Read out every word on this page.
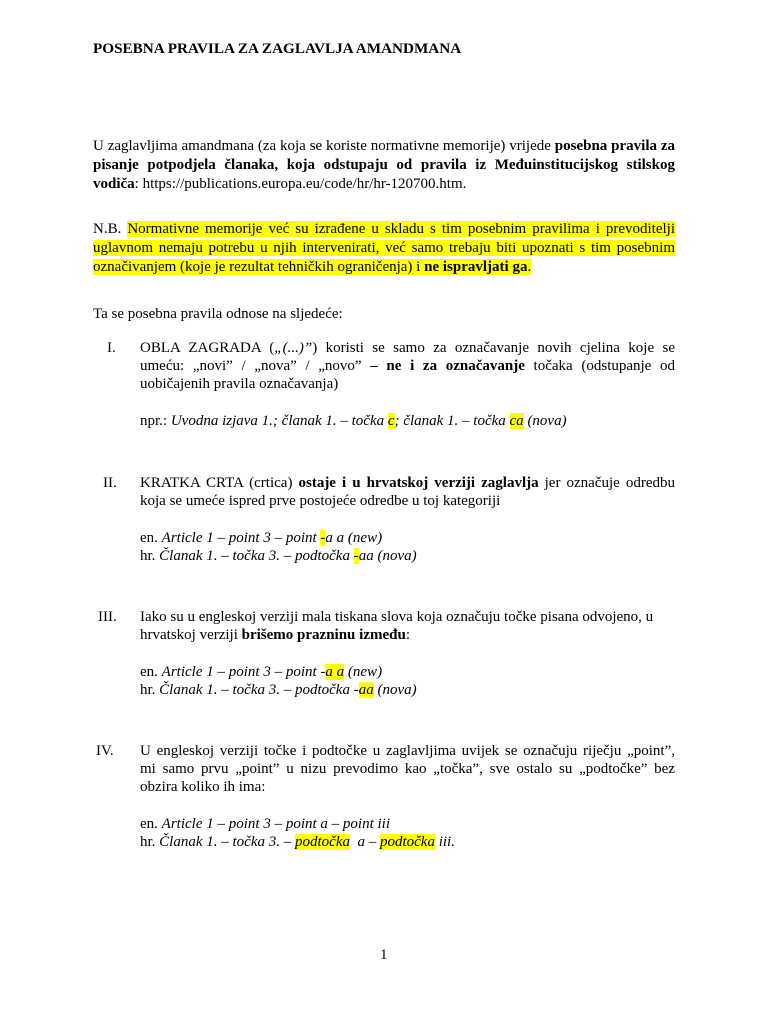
POSEBNA PRAVILA ZA ZAGLAVLJA AMANDMANA
U zaglavljima amandmana (za koja se koriste normativne memorije) vrijede posebna pravila za pisanje potpodjela članaka, koja odstupaju od pravila iz Međuinstitucijskog stilskog vodiča: https://publications.europa.eu/code/hr/hr-120700.htm.
N.B. Normativne memorije već su izrađene u skladu s tim posebnim pravilima i prevoditelji uglavnom nemaju potrebu u njih intervenirati, već samo trebaju biti upoznati s tim posebnim označivanjem (koje je rezultat tehničkih ograničenja) i ne ispravljati ga.
Ta se posebna pravila odnose na sljedeće:
I.	OBLA ZAGRADA („(...)”) koristi se samo za označavanje novih cjelina koje se
umeću: „novi” / „nova” / „novo” – ne i za označavanje točaka (odstupanje od
uobičajenih pravila označavanja)
npr.: Uvodna izjava 1.; članak 1. – točka c; članak 1. – točka ca (nova)
II.	KRATKA CRTA (crtica) ostaje i u hrvatskoj verziji zaglavlja jer označuje odredbu
koja se umeće ispred prve postojeće odredbe u toj kategoriji
en. Article 1 – point 3 – point -a a (new)
hr. Članak 1. – točka 3. – podtočka -aa (nova)
III.	Iako su u engleskoj verziji mala tiskana slova koja označuju točke pisana odvojeno, u
hrvatskoj verziji brišemo prazninu između:
en. Article 1 – point 3 – point -a a (new)
hr. Članak 1. – točka 3. – podtočka -aa (nova)
IV.	U engleskoj verziji točke i podtočke u zaglavljima uvijek se označuju riječju „point”,
mi samo prvu „point” u nizu prevodimo kao „točka”, sve ostalo su „podtočke” bez
obzira koliko ih ima:
en. Article 1 – point 3 – point a – point iii
hr. Članak 1. – točka 3. – podtočka  a – podtočka iii.
1
